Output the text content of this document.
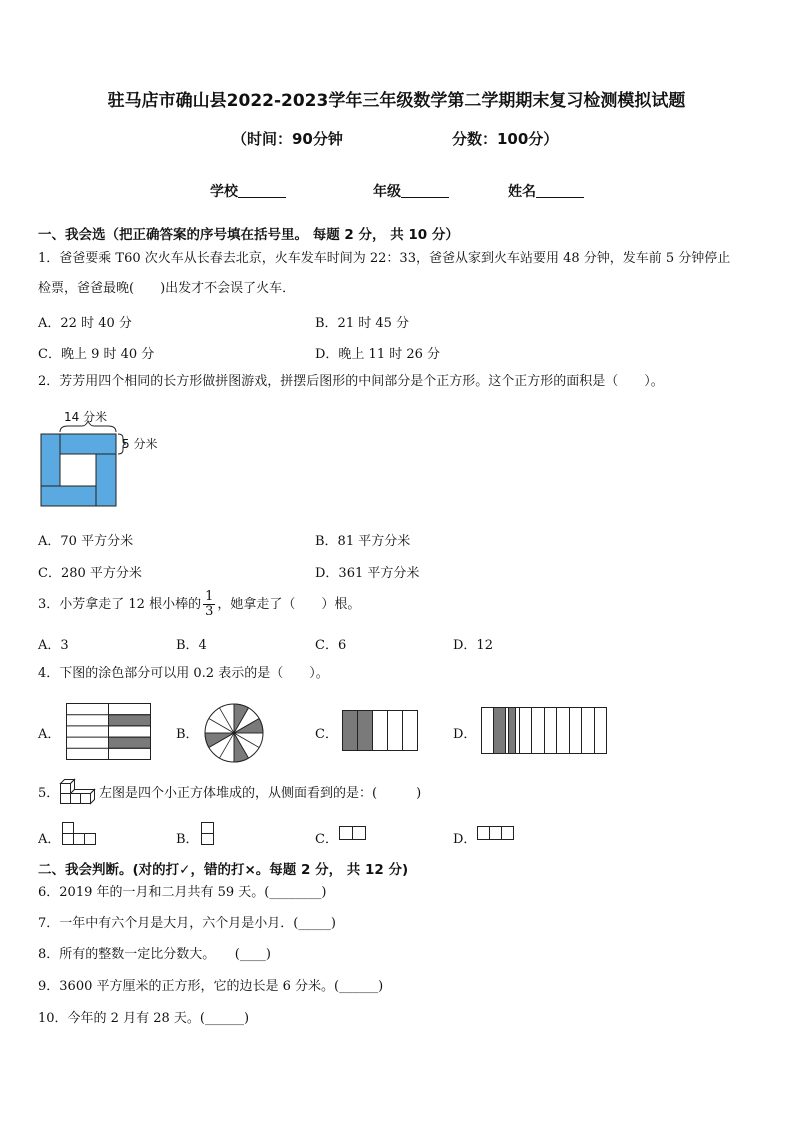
驻马店市确山县2022-2023学年三年级数学第二学期期末复习检测模拟试题
（时间：90分钟	分数：100分）
学校	年级	姓名
一、我会选（把正确答案的序号填在括号里。 每题 2 分， 共 10 分）
1．爸爸要乘 T60 次火车从长春去北京，火车发车时间为 22：33，爸爸从家到火车站要用 48 分钟，发车前 5 分钟停止
检票，爸爸最晚(　　)出发才不会误了火车．
A．22 时 40 分	B．21 时 45 分
C．晚上 9 时 40 分	D．晚上 11 时 26 分
2．芳芳用四个相同的长方形做拼图游戏，拼摆后图形的中间部分是个正方形。这个正方形的面积是（　　）。
14 分米
5 分米
A．70 平方分米	B．81 平方分米
C．280 平方分米	D．361 平方分米
3．小芳拿走了 12 根小棒的 $\frac{1}{3}$ ，她拿走了（　　）根。
A．3	B．4	C．6	D．12
4．下图的涂色部分可以用 0.2 表示的是（　　）。
A．	B．	C．	D．
5．	左图是四个小正方体堆成的，从侧面看到的是：(　　　)
A．	B．	C．	D．
二、我会判断。(对的打✓，错的打×。每题 2 分， 共 12 分)
6．2019 年的一月和二月共有 59 天。(________)
7．一年中有六个月是大月，六个月是小月．(_____)
8．所有的整数一定比分数大。　　(____)
9．3600 平方厘米的正方形，它的边长是 6 分米。(______)
10．今年的 2 月有 28 天。(______)
